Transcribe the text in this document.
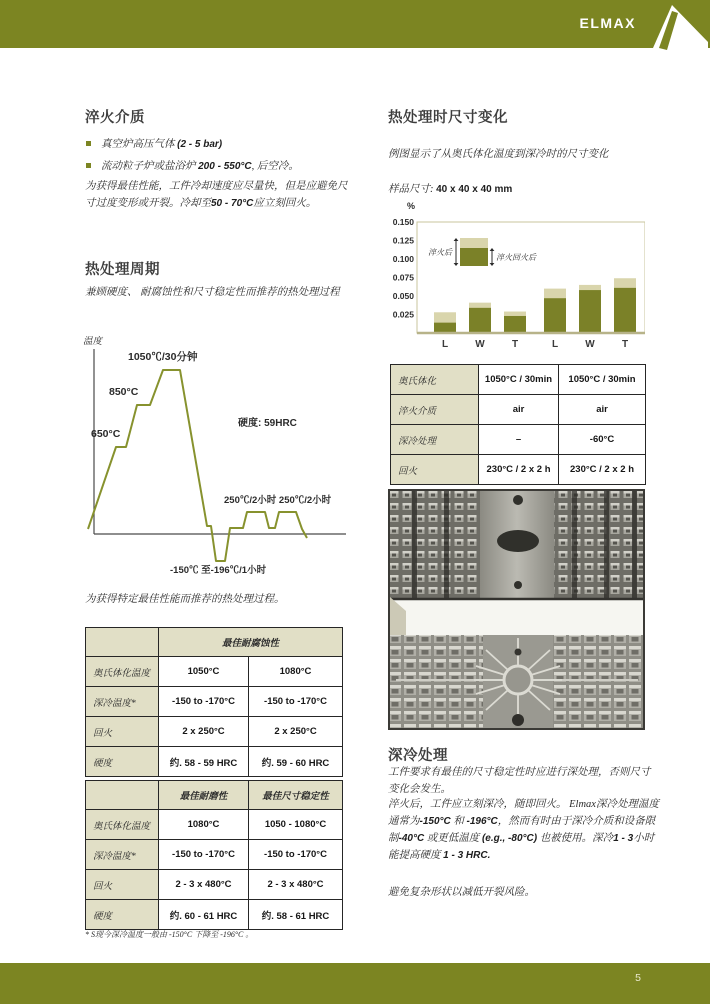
ELMAX
淬火介质
真空炉高压气体 (2 - 5 bar)
流动粒子炉或盐浴炉 200 - 550°C, 后空冷。
为获得最佳性能，工件冷却速度应尽量快，但是应避免尺寸过度变形或开裂。冷却至50 - 70°C应立刻回火。
热处理周期
兼顾硬度、 耐腐蚀性和尺寸稳定性而推荐的热处理过程
温度
650°C
850°C
1050℃/30分钟
硬度: 59HRC
250℃/2小时 250℃/2小时
-150℃ 至-196℃/1小时
为获得特定最佳性能而推荐的热处理过程。
	最佳耐腐蚀性	
奥氏体化温度	1050°C	1080°C
深冷温度*	-150 to -170°C	-150 to -170°C
回火	2 x 250°C	2 x 250°C
硬度	约. 58 - 59 HRC	约. 59 - 60 HRC
	最佳耐磨性	最佳尺寸稳定性
奥氏体化温度	1080°C	1050 - 1080°C
深冷温度*	-150 to -170°C	-150 to -170°C
回火	2 - 3 x 480°C	2 - 3 x 480°C
硬度	约. 60 - 61 HRC	约. 58 - 61 HRC
* S现今深冷温度一般由 -150°C 下降至 -196°C 。
热处理时尺寸变化
例图显示了从奥氏体化温度到深冷时的尺寸变化
样品尺寸: 40 x 40 x 40 mm
%
0.025
0.050
0.075
0.100
0.125
0.150
L	W	T	L	W	T
淬火后
淬火回火后
奥氏体化	1050°C / 30min	1050°C / 30min
淬火介质	air	air
深冷处理	–	-60°C
回火	230°C / 2 x 2 h	230°C / 2 x 2 h
深冷处理
工件要求有最佳的尺寸稳定性时应进行深处理，否则尺寸变化会发生。
淬火后，工件应立刻深冷，随即回火。 Elmax深冷处理温度通常为-150°C 和 -196°C，然而有时由于深冷介质和设备限制-40°C 或更低温度 (e.g., -80°C) 也被使用。深冷1 - 3小时能提高硬度 1 - 3 HRC.
避免复杂形状以减低开裂风险。
5
